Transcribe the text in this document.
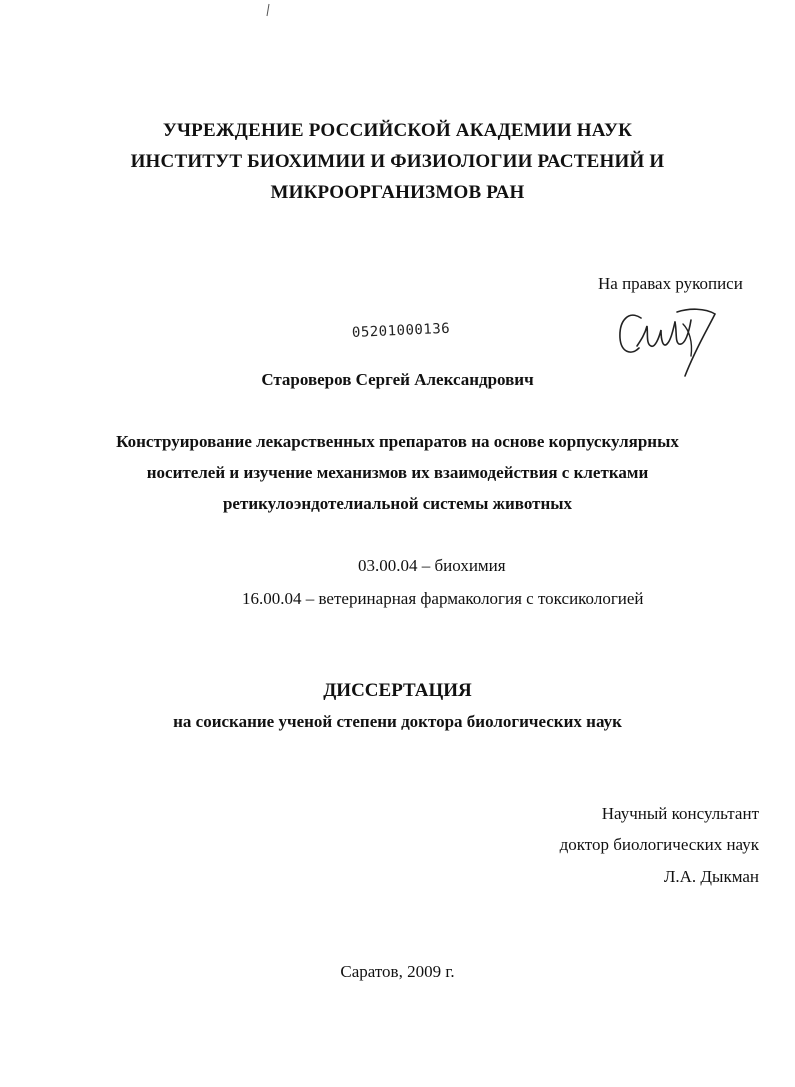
УЧРЕЖДЕНИЕ РОССИЙСКОЙ АКАДЕМИИ НАУК
ИНСТИТУТ БИОХИМИИ И ФИЗИОЛОГИИ РАСТЕНИЙ И
МИКРООРГАНИЗМОВ РАН
На правах рукописи
05201000136
Староверов Сергей Александрович
Конструирование лекарственных препаратов на основе корпускулярных
носителей и изучение механизмов их взаимодействия с клетками
ретикулоэндотелиальной системы животных
03.00.04 – биохимия
16.00.04 – ветеринарная фармакология с токсикологией
ДИССЕРТАЦИЯ
на соискание ученой степени доктора биологических наук
Научный консультант
доктор биологических наук
Л.А. Дыкман
Саратов, 2009 г.
